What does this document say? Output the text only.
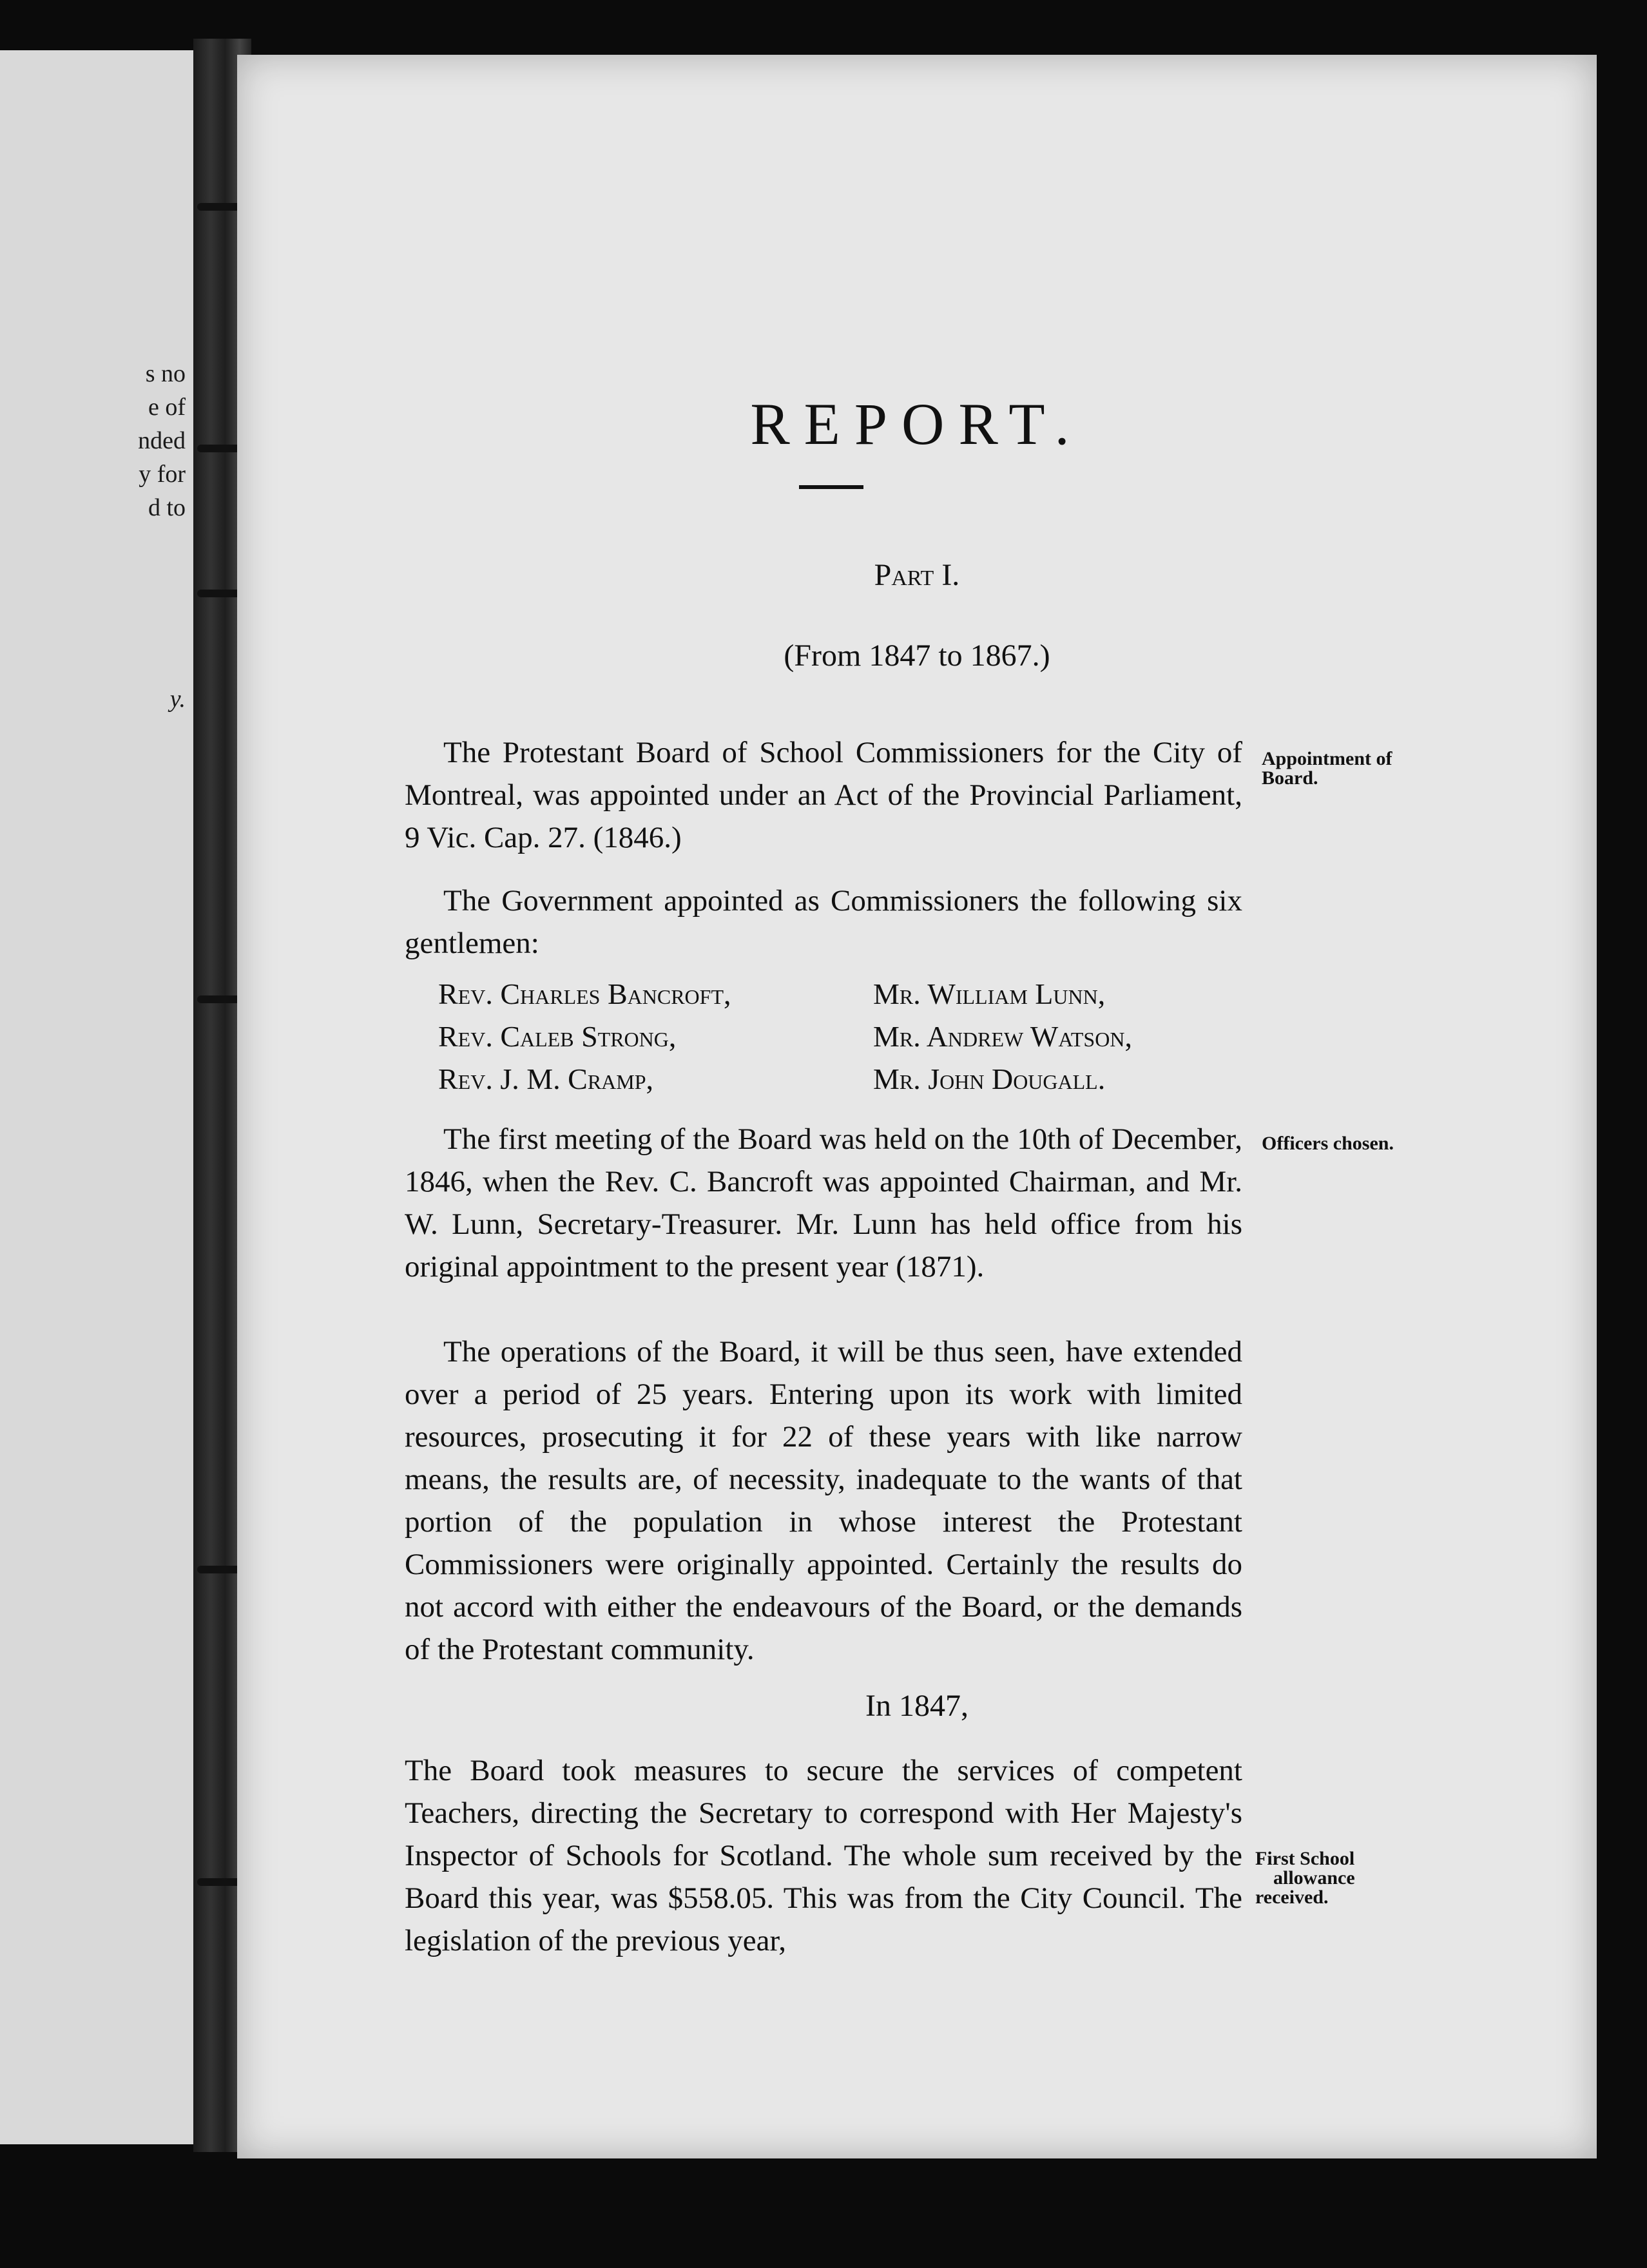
s no
e of
nded
y for
d to
y.
REPORT.
Part I.
(From 1847 to 1867.)

The Protestant Board of School Commissioners for the City of Montreal, was appointed under an Act of the Provincial Parliament, 9 Vic. Cap. 27. (1846.)

The Government appointed as Commissioners the following six gentlemen:

Rev. Charles Bancroft,
Rev. Caleb Strong,
Rev. J. M. Cramp,
Mr. William Lunn,
Mr. Andrew Watson,
Mr. John Dougall.

The first meeting of the Board was held on the 10th of December, 1846, when the Rev. C. Bancroft was appointed Chairman, and Mr. W. Lunn, Secretary-Treasurer. Mr. Lunn has held office from his original appointment to the present year (1871).

The operations of the Board, it will be thus seen, have extended over a period of 25 years. Entering upon its work with limited resources, prosecuting it for 22 of these years with like narrow means, the results are, of necessity, inadequate to the wants of that portion of the population in whose interest the Protestant Commissioners were originally appointed. Certainly the results do not accord with either the endeavours of the Board, or the demands of the Protestant community.

In 1847,

The Board took measures to secure the services of competent Teachers, directing the Secretary to correspond with Her Majesty's Inspector of Schools for Scotland. The whole sum received by the Board this year, was $558.05. This was from the City Council. The legislation of the previous year,

Appointment of
Board.
Officers chosen.
First School
allowance
received.
